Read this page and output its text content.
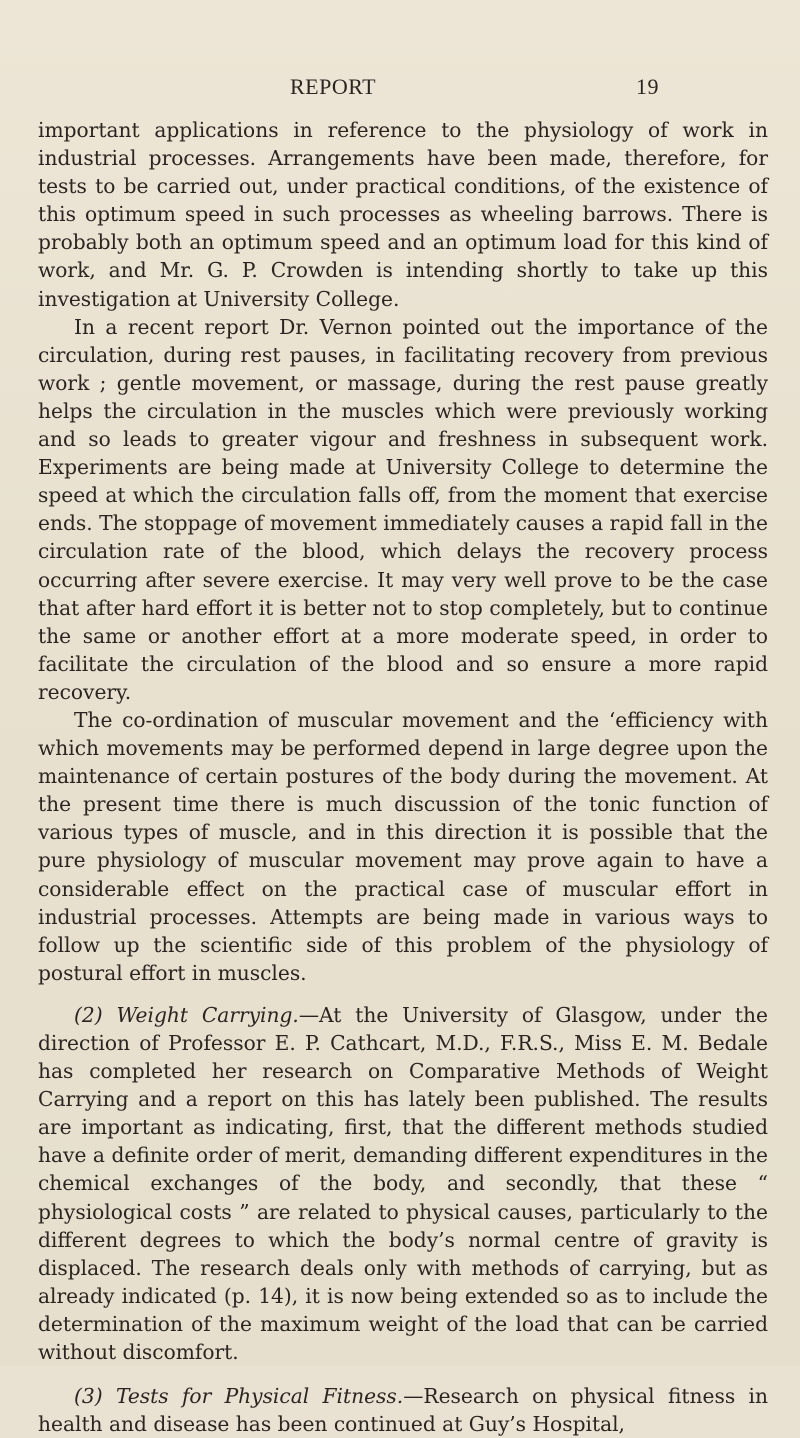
REPORT	19

important applications in reference to the physiology of work in industrial processes. Arrangements have been made, therefore, for tests to be carried out, under practical conditions, of the existence of this optimum speed in such processes as wheeling barrows. There is probably both an optimum speed and an optimum load for this kind of work, and Mr. G. P. Crowden is intending shortly to take up this investigation at University College.

In a recent report Dr. Vernon pointed out the importance of the circulation, during rest pauses, in facilitating recovery from previous work ; gentle movement, or massage, during the rest pause greatly helps the circulation in the muscles which were previously working and so leads to greater vigour and freshness in subsequent work. Experiments are being made at University College to determine the speed at which the circulation falls off, from the moment that exercise ends. The stoppage of movement immediately causes a rapid fall in the circulation rate of the blood, which delays the recovery process occurring after severe exercise. It may very well prove to be the case that after hard effort it is better not to stop completely, but to continue the same or another effort at a more moderate speed, in order to facilitate the circulation of the blood and so ensure a more rapid recovery.

The co-ordination of muscular movement and the ‘efficiency with which movements may be performed depend in large degree upon the maintenance of certain postures of the body during the movement. At the present time there is much discussion of the tonic function of various types of muscle, and in this direction it is possible that the pure physiology of muscular movement may prove again to have a considerable effect on the practical case of muscular effort in industrial processes. Attempts are being made in various ways to follow up the scientific side of this problem of the physiology of postural effort in muscles.

(2) Weight Carrying.—At the University of Glasgow, under the direction of Professor E. P. Cathcart, M.D., F.R.S., Miss E. M. Bedale has completed her research on Comparative Methods of Weight Carrying and a report on this has lately been published. The results are important as indicating, first, that the different methods studied have a definite order of merit, demanding different expenditures in the chemical exchanges of the body, and secondly, that these “ physiological costs ” are related to physical causes, particularly to the different degrees to which the body’s normal centre of gravity is displaced. The research deals only with methods of carrying, but as already indicated (p. 14), it is now being extended so as to include the determination of the maximum weight of the load that can be carried without discomfort.

(3) Tests for Physical Fitness.—Research on physical fitness in health and disease has been continued at Guy’s Hospital,
